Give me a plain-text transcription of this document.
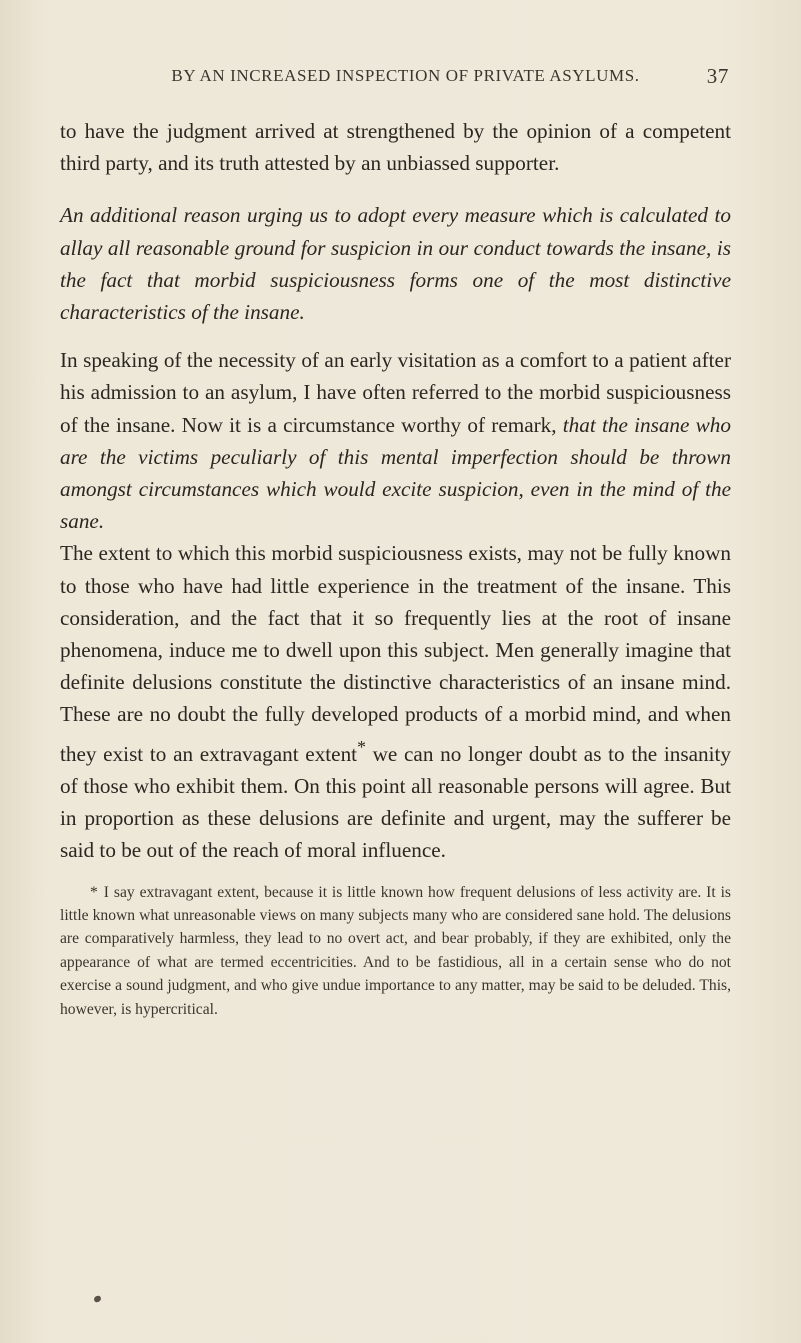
BY AN INCREASED INSPECTION OF PRIVATE ASYLUMS.	37

to have the judgment arrived at strengthened by the opinion of a competent third party, and its truth attested by an unbiassed supporter.

An additional reason urging us to adopt every measure which is calculated to allay all reasonable ground for suspicion in our conduct towards the insane, is the fact that morbid suspiciousness forms one of the most distinctive characteristics of the insane.

In speaking of the necessity of an early visitation as a comfort to a patient after his admission to an asylum, I have often referred to the morbid suspiciousness of the insane. Now it is a circumstance worthy of remark, that the insane who are the victims peculiarly of this mental imperfection should be thrown amongst circumstances which would excite suspicion, even in the mind of the sane.

The extent to which this morbid suspiciousness exists, may not be fully known to those who have had little experience in the treatment of the insane. This consideration, and the fact that it so frequently lies at the root of insane phenomena, induce me to dwell upon this subject. Men generally imagine that definite delusions constitute the distinctive characteristics of an insane mind. These are no doubt the fully developed products of a morbid mind, and when they exist to an extravagant extent* we can no longer doubt as to the insanity of those who exhibit them. On this point all reasonable persons will agree. But in proportion as these delusions are definite and urgent, may the sufferer be said to be out of the reach of moral influence.

* I say extravagant extent, because it is little known how frequent delusions of less activity are. It is little known what unreasonable views on many subjects many who are considered sane hold. The delusions are comparatively harmless, they lead to no overt act, and bear probably, if they are exhibited, only the appearance of what are termed eccentricities. And to be fastidious, all in a certain sense who do not exercise a sound judgment, and who give undue importance to any matter, may be said to be deluded. This, however, is hypercritical.
